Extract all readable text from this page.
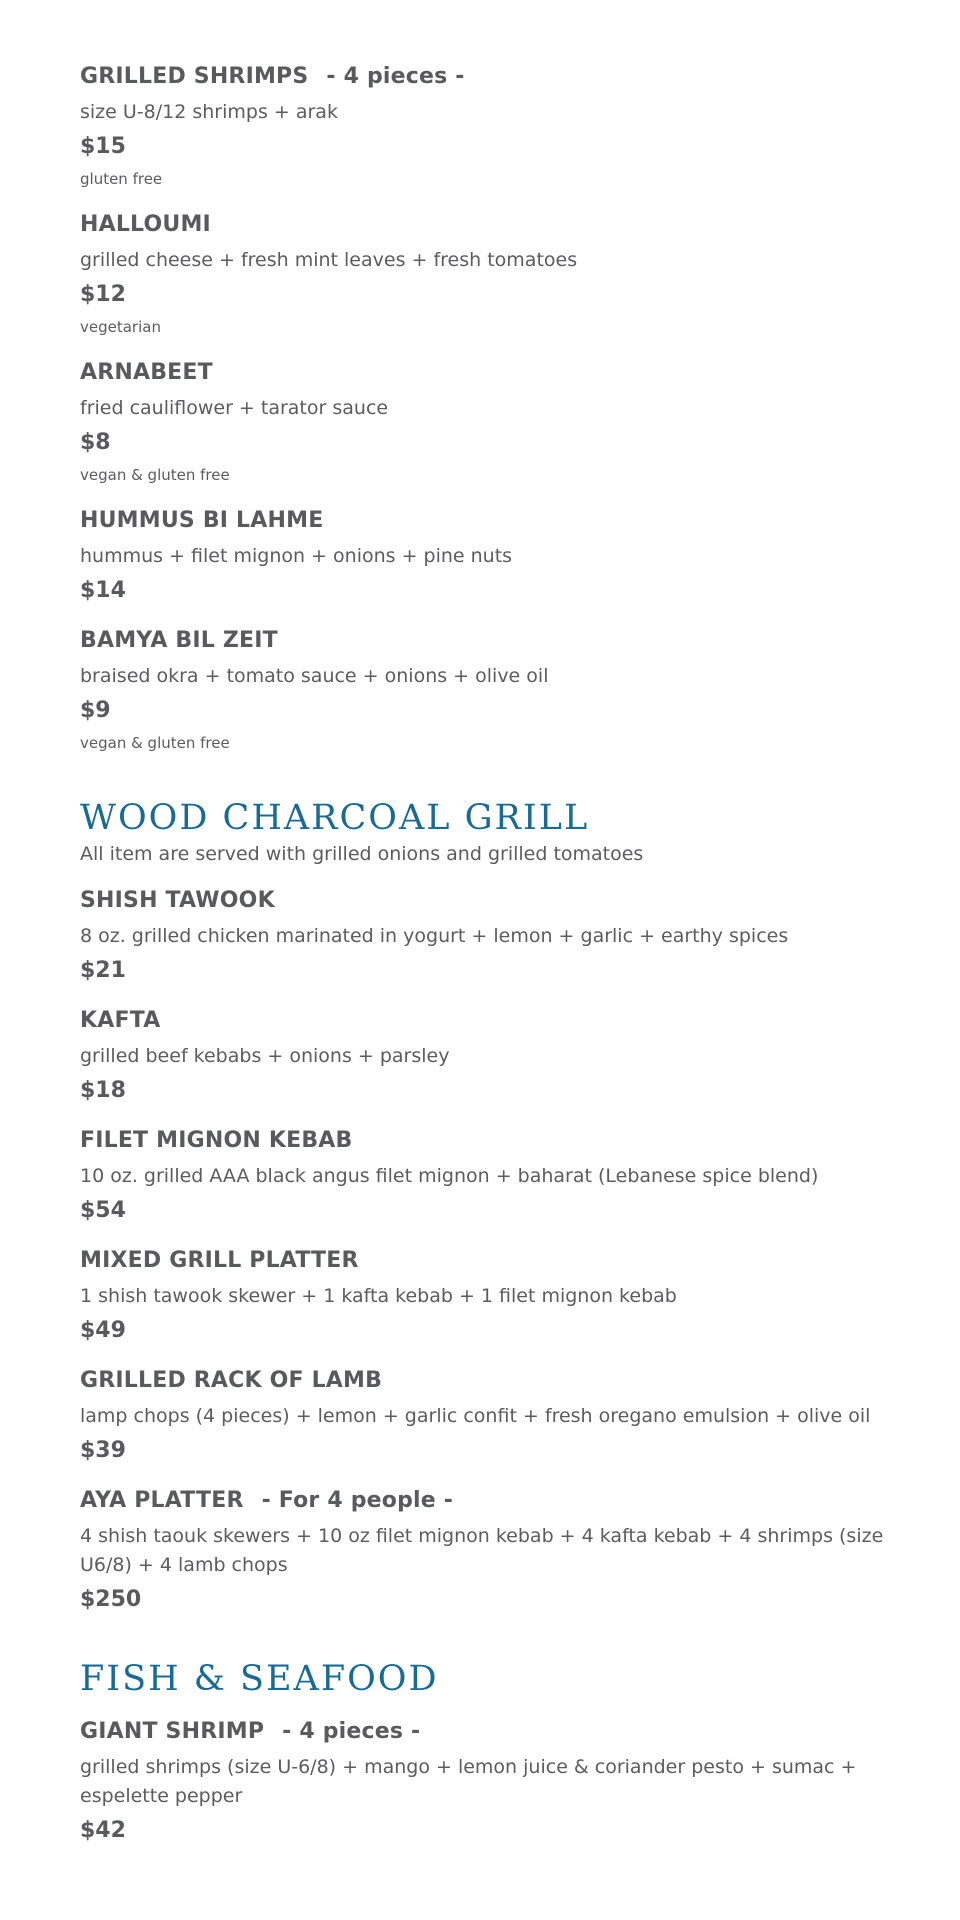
GRILLED SHRIMPS - 4 pieces -
size U-8/12 shrimps + arak
$15
gluten free
HALLOUMI
grilled cheese + fresh mint leaves + fresh tomatoes
$12
vegetarian
ARNABEET
fried cauliflower + tarator sauce
$8
vegan & gluten free
HUMMUS BI LAHME
hummus + filet mignon + onions + pine nuts
$14
BAMYA BIL ZEIT
braised okra + tomato sauce + onions + olive oil
$9
vegan & gluten free
WOOD CHARCOAL GRILL
All item are served with grilled onions and grilled tomatoes
SHISH TAWOOK
8 oz. grilled chicken marinated in yogurt + lemon + garlic + earthy spices
$21
KAFTA
grilled beef kebabs + onions + parsley
$18
FILET MIGNON KEBAB
10 oz. grilled AAA black angus filet mignon + baharat (Lebanese spice blend)
$54
MIXED GRILL PLATTER
1 shish tawook skewer + 1 kafta kebab + 1 filet mignon kebab
$49
GRILLED RACK OF LAMB
lamp chops (4 pieces) + lemon + garlic confit + fresh oregano emulsion + olive oil
$39
AYA PLATTER - For 4 people -
4 shish taouk skewers + 10 oz filet mignon kebab + 4 kafta kebab + 4 shrimps (size U6/8) + 4 lamb chops
$250
FISH & SEAFOOD
GIANT SHRIMP - 4 pieces -
grilled shrimps (size U-6/8) + mango + lemon juice & coriander pesto + sumac + espelette pepper
$42
